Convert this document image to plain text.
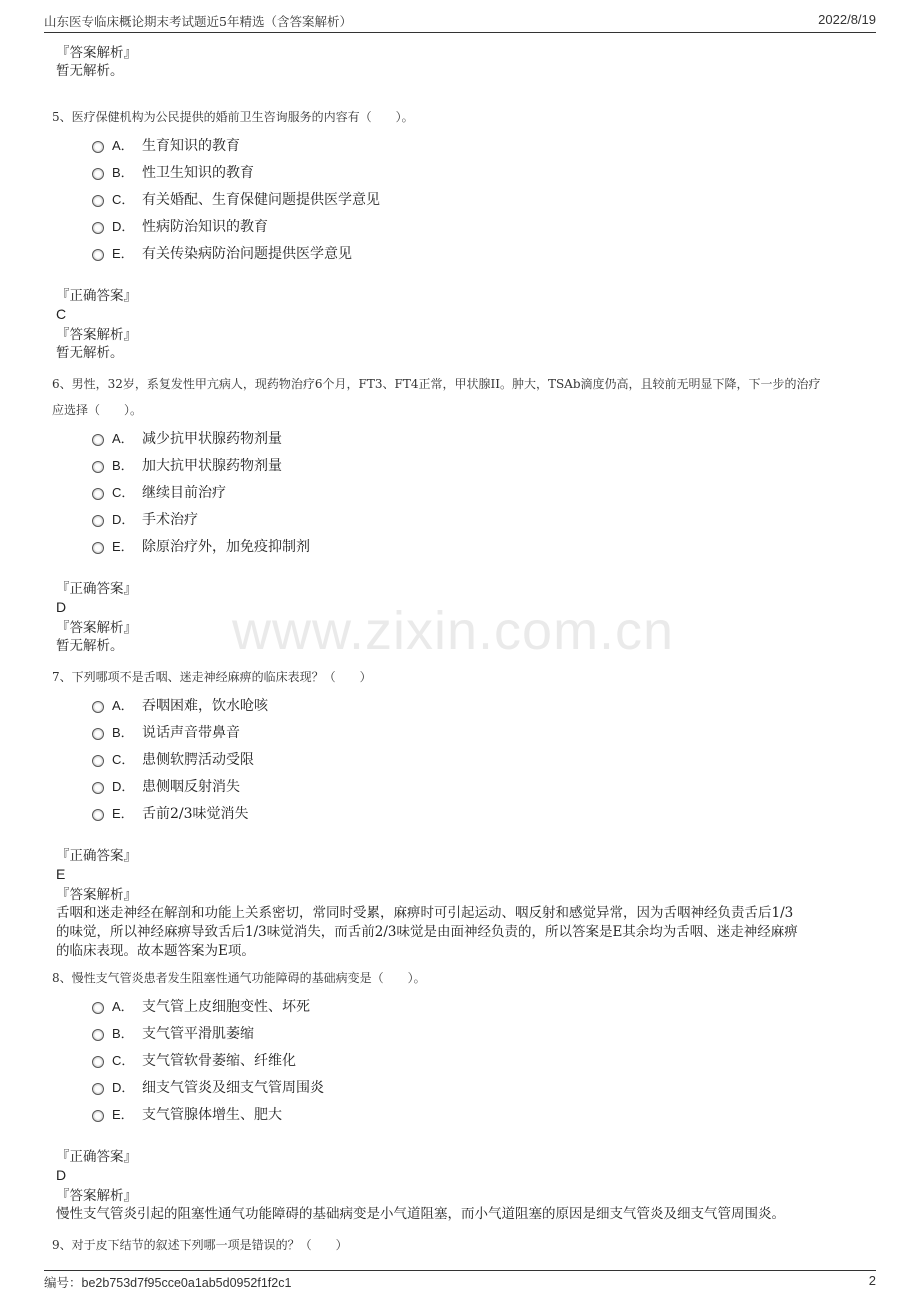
山东医专临床概论期末考试题近5年精选（含答案解析）	2022/8/19
www.zixin.com.cn
『答案解析』
暂无解析。
5、医疗保健机构为公民提供的婚前卫生咨询服务的内容有（　　）。
A． 生育知识的教育
B． 性卫生知识的教育
C． 有关婚配、生育保健问题提供医学意见
D． 性病防治知识的教育
E． 有关传染病防治问题提供医学意见
『正确答案』
C
『答案解析』
暂无解析。
6、男性，32岁，系复发性甲亢病人，现药物治疗6个月，FT3、FT4正常，甲状腺II。肿大，TSAb滴度仍高，且较前无明显下降，下一步的治疗
应选择（　　）。
A． 减少抗甲状腺药物剂量
B． 加大抗甲状腺药物剂量
C． 继续目前治疗
D． 手术治疗
E． 除原治疗外，加免疫抑制剂
『正确答案』
D
『答案解析』
暂无解析。
7、下列哪项不是舌咽、迷走神经麻痹的临床表现？（　　）
A． 吞咽困难，饮水呛咳
B． 说话声音带鼻音
C． 患侧软腭活动受限
D． 患侧咽反射消失
E． 舌前2/3味觉消失
『正确答案』
E
『答案解析』
舌咽和迷走神经在解剖和功能上关系密切，常同时受累，麻痹时可引起运动、咽反射和感觉异常，因为舌咽神经负责舌后1/3
的味觉，所以神经麻痹导致舌后1/3味觉消失，而舌前2/3味觉是由面神经负责的，所以答案是E其余均为舌咽、迷走神经麻痹
的临床表现。故本题答案为E项。
8、慢性支气管炎患者发生阻塞性通气功能障碍的基础病变是（　　）。
A． 支气管上皮细胞变性、坏死
B． 支气管平滑肌萎缩
C． 支气管软骨萎缩、纤维化
D． 细支气管炎及细支气管周围炎
E． 支气管腺体增生、肥大
『正确答案』
D
『答案解析』
慢性支气管炎引起的阻塞性通气功能障碍的基础病变是小气道阻塞，而小气道阻塞的原因是细支气管炎及细支气管周围炎。
9、对于皮下结节的叙述下列哪一项是错误的？（　　）
编号：be2b753d7f95cce0a1ab5d0952f1f2c1	2
